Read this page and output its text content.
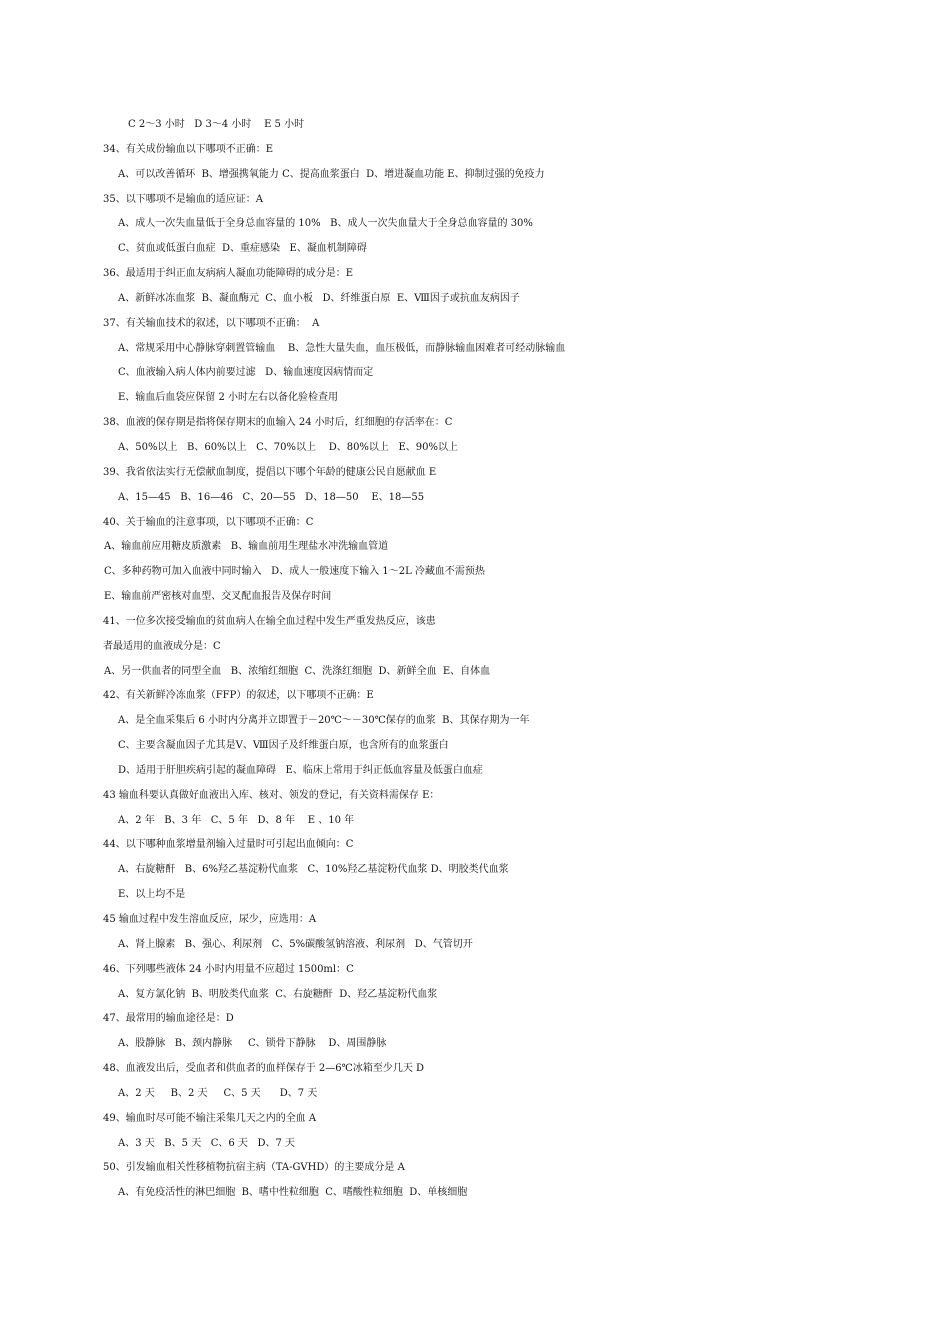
C 2～3 小时   D 3～4 小时    E 5 小时
34、有关成份输血以下哪项不正确：E
A、可以改善循环  B、增强携氧能力 C、提高血浆蛋白  D、增进凝血功能 E、抑制过强的免疫力
35、以下哪项不是输血的适应证：A
A、成人一次失血量低于全身总血容量的 10%   B、成人一次失血量大于全身总血容量的 30%
C、贫血或低蛋白血症  D、重症感染   E、凝血机制障碍
36、最适用于纠正血友病病人凝血功能障碍的成分是：E
A、新鲜冰冻血浆  B、凝血酶元  C、血小板   D、纤维蛋白原  E、Ⅷ因子或抗血友病因子
37、有关输血技术的叙述，以下哪项不正确：  A
A、常规采用中心静脉穿刺置管输血    B、急性大量失血，血压极低，而静脉输血困难者可经动脉输血
C、血液输入病人体内前要过滤   D、输血速度因病情而定
E、输血后血袋应保留 2 小时左右以备化验检查用
38、血液的保存期是指将保存期末的血输入 24 小时后，红细胞的存活率在：C
A、50%以上   B、60%以上   C、70%以上    D、80%以上   E、90%以上
39、我省依法实行无偿献血制度，提倡以下哪个年龄的健康公民自愿献血 E
A、15—45   B、16—46   C、20—55   D、18—50    E、18—55
40、关于输血的注意事项，以下哪项不正确：C
A、输血前应用糖皮质激素   B、输血前用生理盐水冲洗输血管道
C、多种药物可加入血液中同时输入   D、成人一般速度下输入 1～2L 冷藏血不需预热
E、输血前严密核对血型、交叉配血报告及保存时间
41、一位多次接受输血的贫血病人在输全血过程中发生严重发热反应，该患
者最适用的血液成分是：C
A、另一供血者的同型全血   B、浓缩红细胞  C、洗涤红细胞  D、新鲜全血  E、自体血
42、有关新鲜冷冻血浆（FFP）的叙述，以下哪项不正确：E
A、是全血采集后 6 小时内分离并立即置于－20℃～－30℃保存的血浆  B、其保存期为一年
C、主要含凝血因子尤其是Ⅴ、Ⅷ因子及纤维蛋白原，也含所有的血浆蛋白
D、适用于肝胆疾病引起的凝血障碍   E、临床上常用于纠正低血容量及低蛋白血症
43 输血科要认真做好血液出入库、核对、领发的登记，有关资料需保存 E：
A、2 年   B、3 年   C、5 年   D、8 年    E 、10 年
44、以下哪种血浆增量剂输入过量时可引起出血倾向：C
A、右旋糖酐   B、6%羟乙基淀粉代血浆   C、10%羟乙基淀粉代血浆 D、明胶类代血浆
E、以上均不是
45 输血过程中发生溶血反应，尿少，应选用：A
A、肾上腺素   B、强心、利尿剂   C、5%碳酸氢钠溶液、利尿剂   D、气管切开
46、下列哪些液体 24 小时内用量不应超过 1500ml：C
A、复方氯化钠  B、明胶类代血浆  C、右旋糖酐  D、羟乙基淀粉代血浆
47、最常用的输血途径是：D
A、股静脉   B、颈内静脉     C、锁骨下静脉    D、周围静脉
48、血液发出后，受血者和供血者的血样保存于 2—6℃冰箱至少几天 D
A、2 天     B、2 天     C、5 天      D、7 天
49、输血时尽可能不输注采集几天之内的全血 A
A、3 天   B、5 天   C、6 天   D、7 天
50、引发输血相关性移植物抗宿主病（TA-GVHD）的主要成分是 A
A、有免疫活性的淋巴细胞  B、嗜中性粒细胞  C、嗜酸性粒细胞  D、单核细胞
